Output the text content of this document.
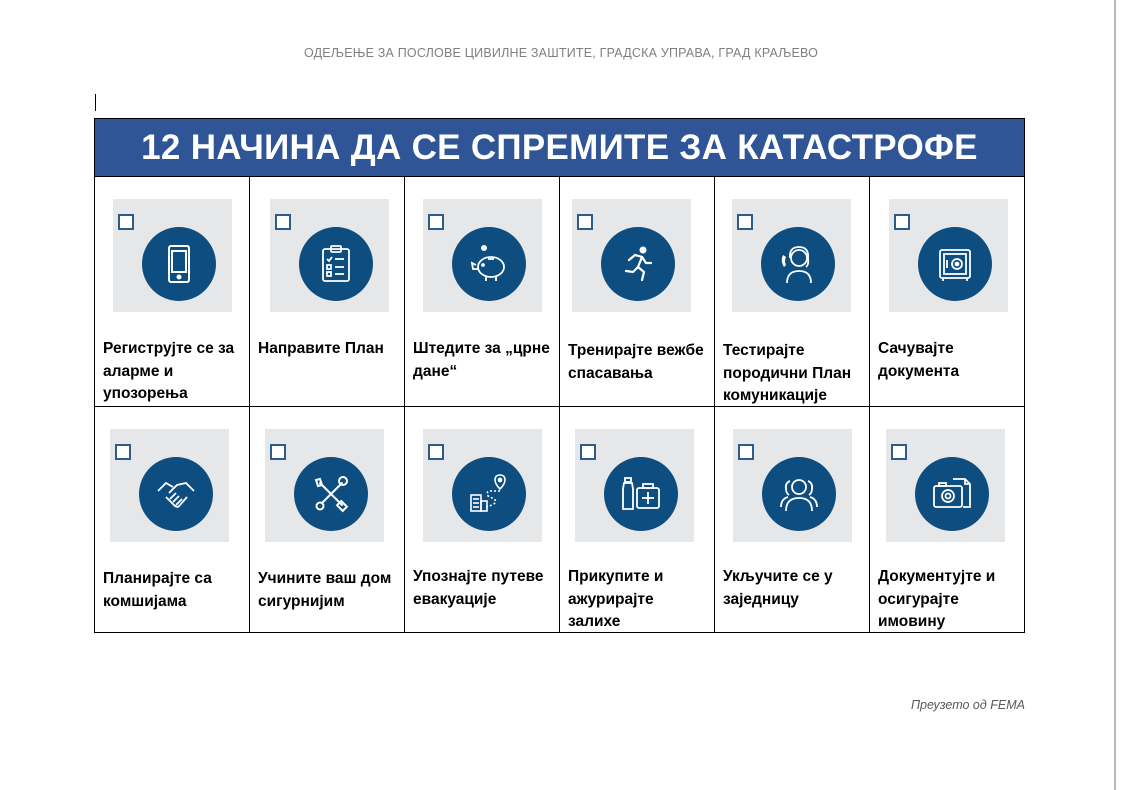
ОДЕЉЕЊЕ ЗА ПОСЛОВЕ ЦИВИЛНЕ ЗАШТИТЕ, ГРАДСКА УПРАВА, ГРАД КРАЉЕВО
12 НАЧИНА ДА СЕ СПРЕМИТЕ ЗА КАТАСТРОФЕ
Региструјте се за аларме и упозорења
Направите План	Штедите за „црне дане“
Тренирајте вежбе спасавања
Тестирајте породични План комуникације
Сачувајте документа
Планирајте са комшијама
Учините ваш дом сигурнијим
Упознајте путеве евакуације
Прикупите и ажурирајте залихе
Укључите се у заједницу
Документујте и осигурајте имовину
Преузето од FEMA
